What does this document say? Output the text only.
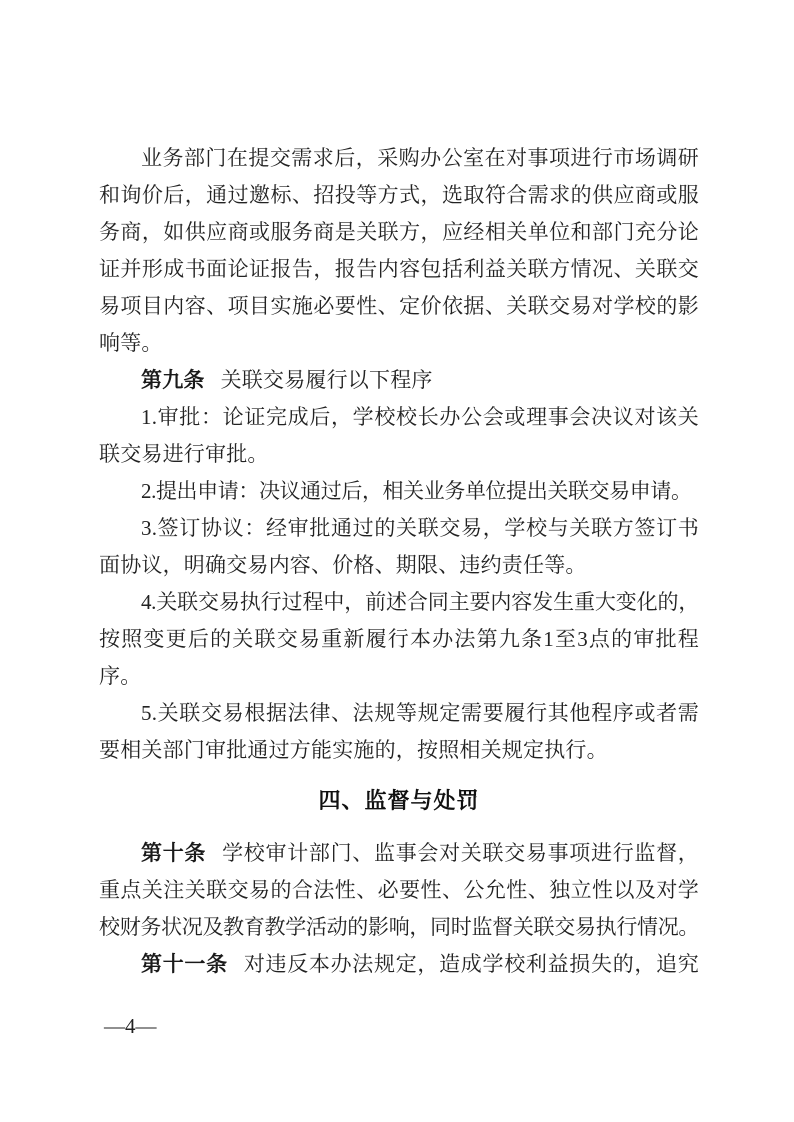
业务部门在提交需求后，采购办公室在对事项进行市场调研
和询价后，通过邀标、招投等方式，选取符合需求的供应商或服
务商，如供应商或服务商是关联方，应经相关单位和部门充分论
证并形成书面论证报告，报告内容包括利益关联方情况、关联交
易项目内容、项目实施必要性、定价依据、关联交易对学校的影
响等。
第九条 关联交易履行以下程序
1.审批：论证完成后，学校校长办公会或理事会决议对该关
联交易进行审批。
2.提出申请：决议通过后，相关业务单位提出关联交易申请。
3.签订协议：经审批通过的关联交易，学校与关联方签订书
面协议，明确交易内容、价格、期限、违约责任等。
4.关联交易执行过程中，前述合同主要内容发生重大变化的，
按照变更后的关联交易重新履行本办法第九条1至3点的审批程
序。
5.关联交易根据法律、法规等规定需要履行其他程序或者需
要相关部门审批通过方能实施的，按照相关规定执行。
四、监督与处罚
第十条 学校审计部门、监事会对关联交易事项进行监督，
重点关注关联交易的合法性、必要性、公允性、独立性以及对学
校财务状况及教育教学活动的影响，同时监督关联交易执行情况。
第十一条 对违反本办法规定，造成学校利益损失的，追究
—4—
